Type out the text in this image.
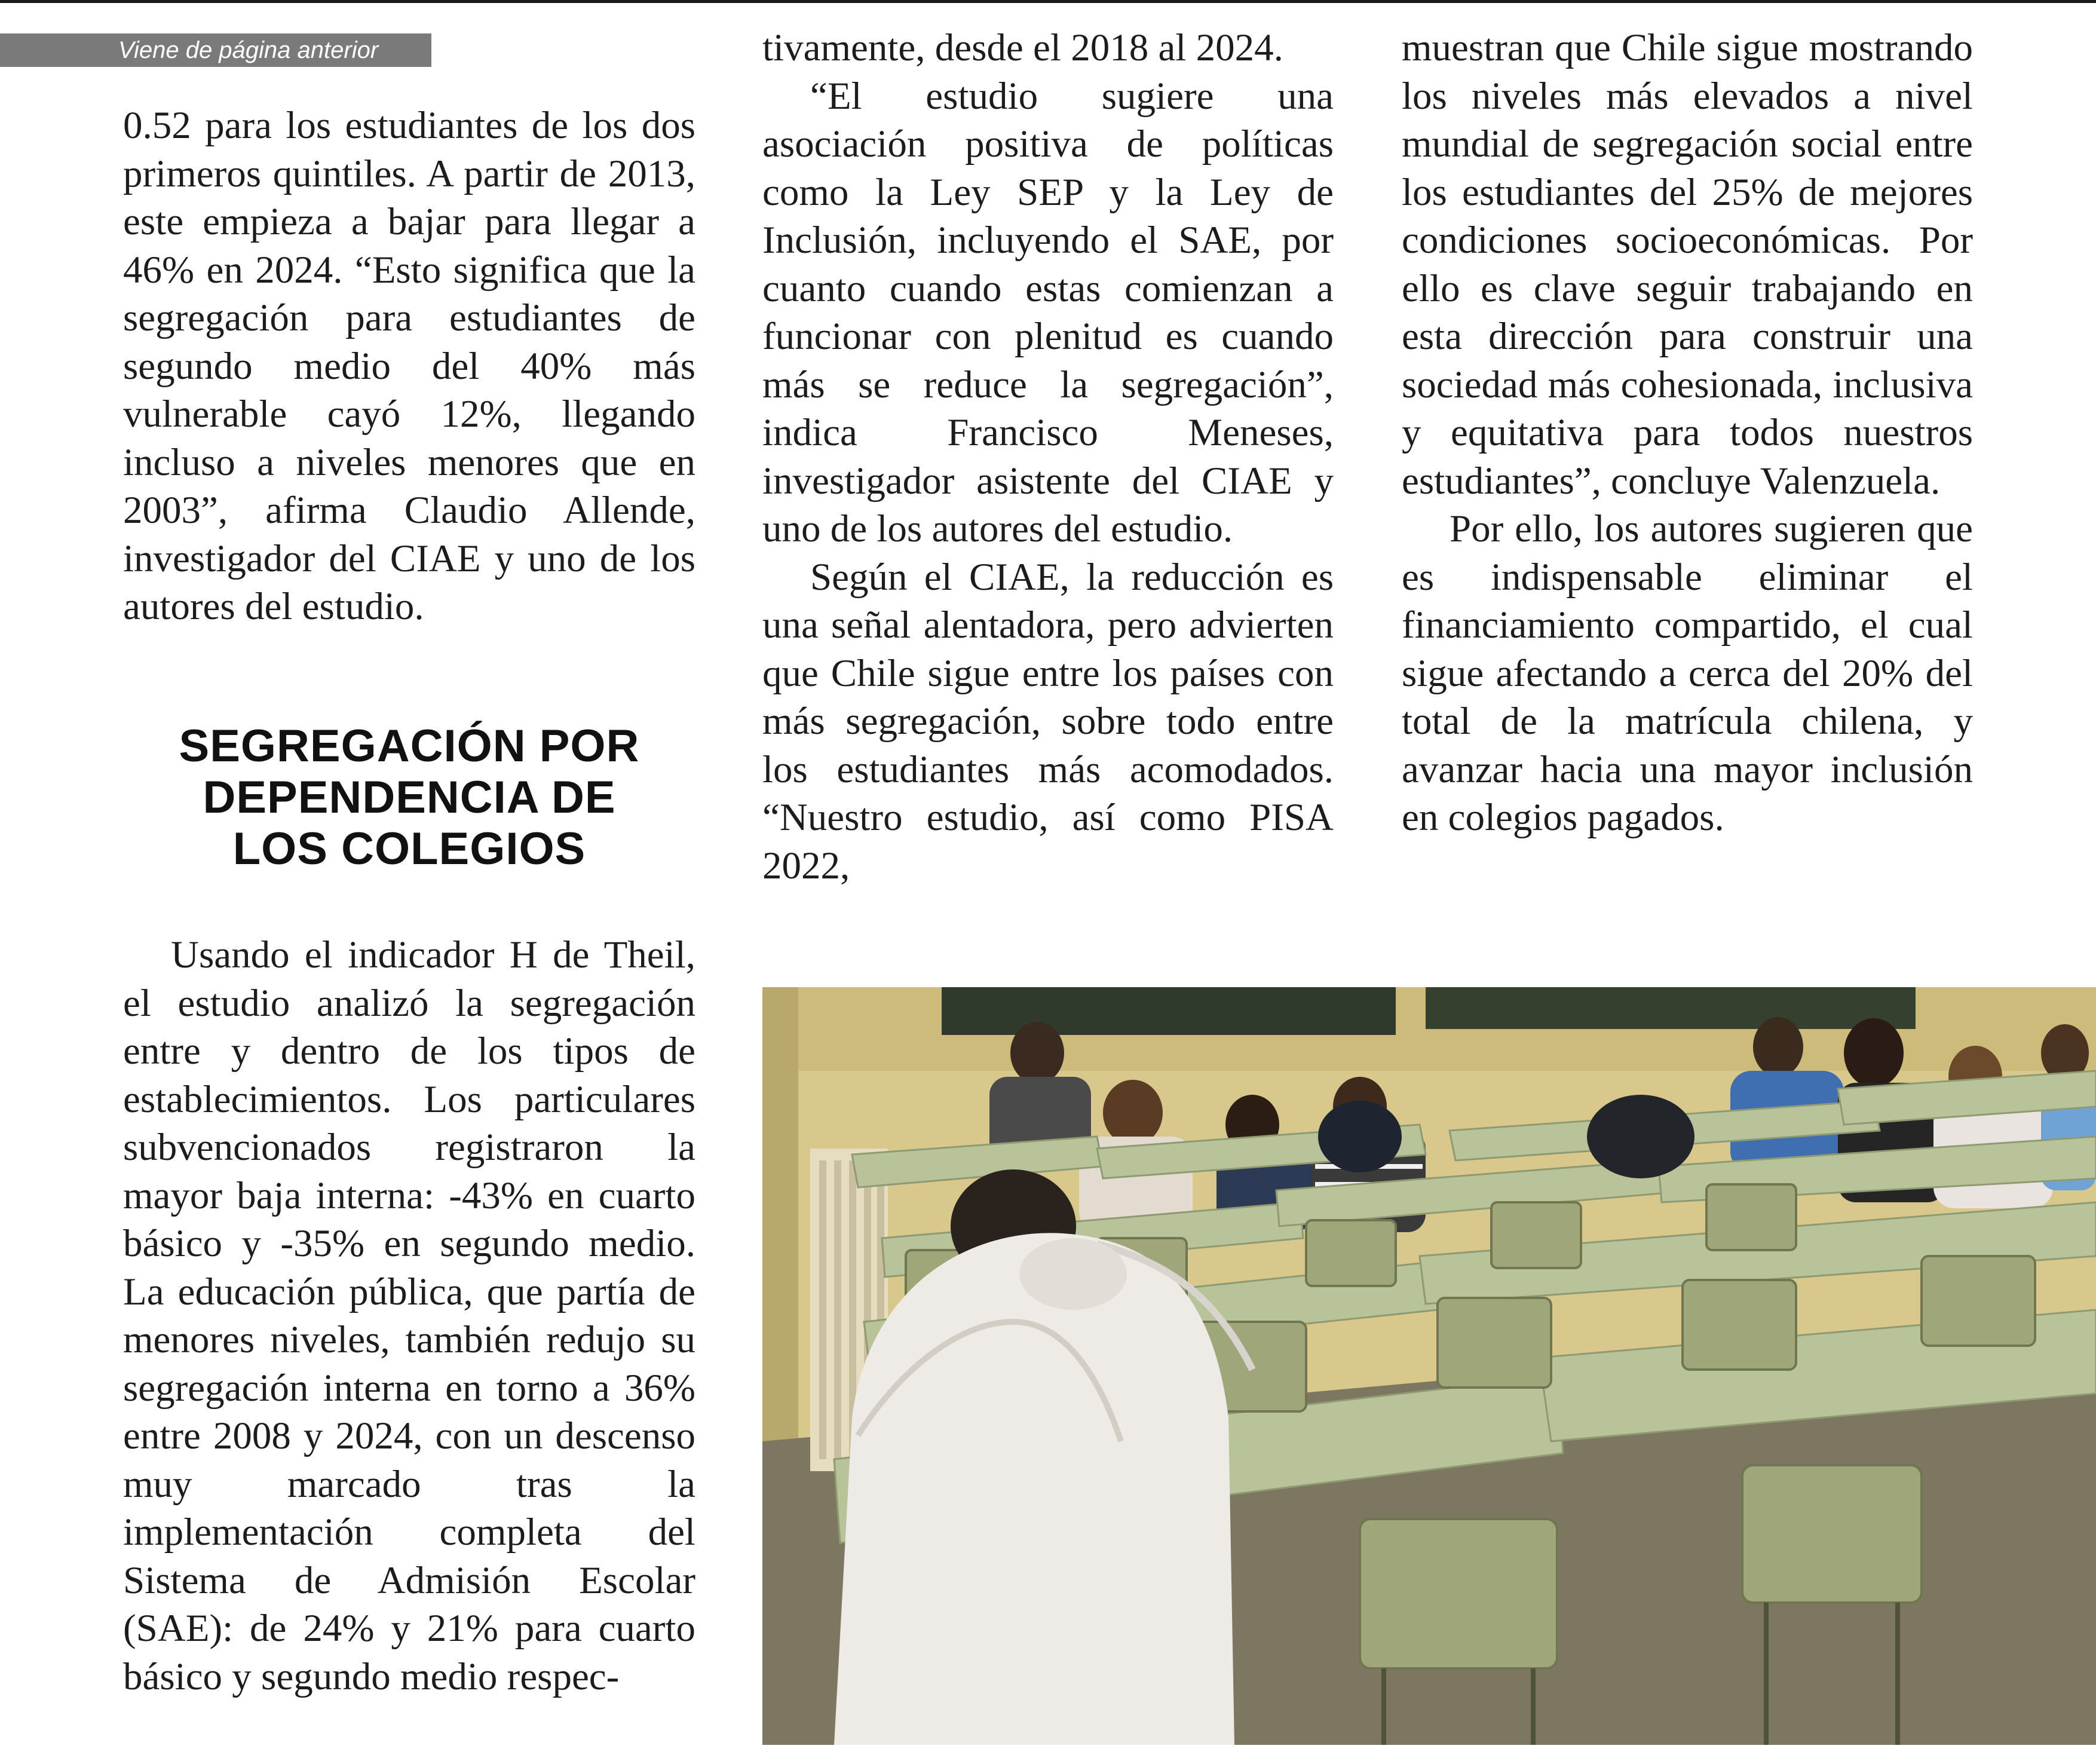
Viene de página anterior

0.52 para los estudiantes de los dos primeros quintiles. A partir de 2013, este empieza a bajar para llegar a 46% en 2024. “Esto significa que la segregación para estudiantes de segundo medio del 40% más vulnerable cayó 12%, llegando incluso a niveles menores que en 2003”, afirma Claudio Allende, investigador del CIAE y uno de los autores del estudio.

SEGREGACIÓN POR
DEPENDENCIA DE
LOS COLEGIOS

Usando el indicador H de Theil, el estudio analizó la segregación entre y dentro de los tipos de establecimientos. Los particulares subvencionados registraron la mayor baja interna: -43% en cuarto básico y -35% en segundo medio. La educación pública, que partía de menores niveles, también redujo su segregación interna en torno a 36% entre 2008 y 2024, con un descenso muy marcado tras la implementación completa del Sistema de Admisión Escolar (SAE): de 24% y 21% para cuarto básico y segundo medio respec-

tivamente, desde el 2018 al 2024.

“El estudio sugiere una asociación positiva de políticas como la Ley SEP y la Ley de Inclusión, incluyendo el SAE, por cuanto cuando estas comienzan a funcionar con plenitud es cuando más se reduce la segregación”, indica Francisco Meneses, investigador asistente del CIAE y uno de los autores del estudio.

Según el CIAE, la reducción es una señal alentadora, pero advierten que Chile sigue entre los países con más segregación, sobre todo entre los estudiantes más acomodados. “Nuestro estudio, así como PISA 2022,

muestran que Chile sigue mostrando los niveles más elevados a nivel mundial de segregación social entre los estudiantes del 25% de mejores condiciones socioeconómicas. Por ello es clave seguir trabajando en esta dirección para construir una sociedad más cohesionada, inclusiva y equitativa para todos nuestros estudiantes”, concluye Valenzuela.

Por ello, los autores sugieren que es indispensable eliminar el financiamiento compartido, el cual sigue afectando a cerca del 20% del total de la matrícula chilena, y avanzar hacia una mayor inclusión en colegios pagados.
